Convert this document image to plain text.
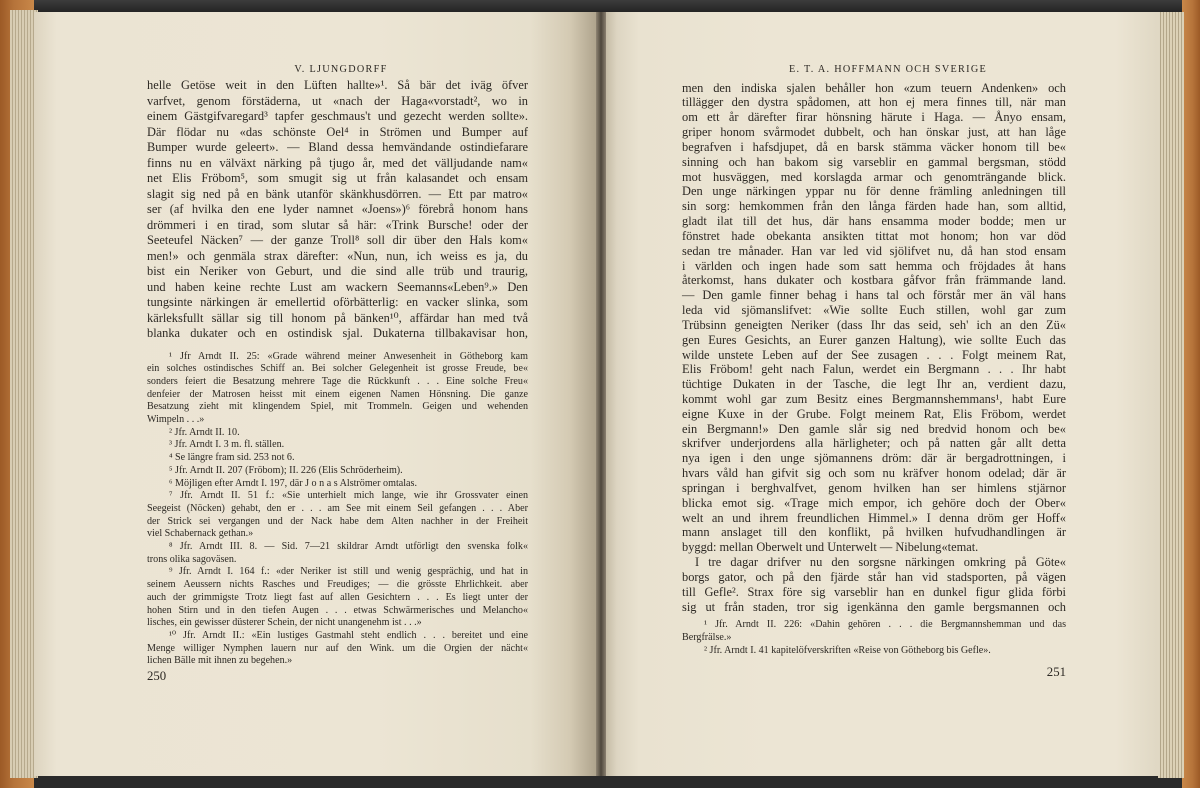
V. LJUNGDORFF
helle Getöse weit in den Lüften hallte»¹. Så bär det iväg öfver
varfvet, genom förstäderna, ut «nach der Haga«vorstadt², wo in
einem Gästgifvaregard³ tapfer geschmaus't und gezecht werden sollte».
Där flödar nu «das schönste Oel⁴ in Strömen und Bumper auf
Bumper wurde geleert». — Bland dessa hemvändande ostindiefarare
finns nu en välväxt närking på tjugo år, med det välljudande nam«
net Elis Fröbom⁵, som smugit sig ut från kalasandet och ensam
slagit sig ned på en bänk utanför skänkhusdörren. — Ett par matro«
ser (af hvilka den ene lyder namnet «Joens»)⁶ förebrå honom hans
drömmeri i en tirad, som slutar så här: «Trink Bursche! oder der
Seeteufel Näcken⁷ — der ganze Troll⁸ soll dir über den Hals kom«
men!» och genmäla strax därefter: «Nun, nun, ich weiss es ja, du
bist ein Neriker von Geburt, und die sind alle trüb und traurig,
und haben keine rechte Lust am wackern Seemanns«Leben⁹.» Den
tungsinte närkingen är emellertid oförbätterlig: en vacker slinka, som
kärleksfullt sällar sig till honom på bänken¹⁰, affärdar han med två
blanka dukater och en ostindisk sjal. Dukaterna tillbakavisar hon,
¹ Jfr Arndt II. 25: «Grade während meiner Anwesenheit in Götheborg kam
ein solches ostindisches Schiff an. Bei solcher Gelegenheit ist grosse Freude, be«
sonders feiert die Besatzung mehrere Tage die Rückkunft . . . Eine solche Freu«
denfeier der Matrosen heisst mit einem eigenen Namen Hönsning. Die ganze
Besatzung zieht mit klingendem Spiel, mit Trommeln. Geigen und wehenden
Wimpeln . . .»
² Jfr. Arndt II. 10.
³ Jfr. Arndt I. 3 m. fl. ställen.
⁴ Se längre fram sid. 253 not 6.
⁵ Jfr. Arndt II. 207 (Fröbom); II. 226 (Elis Schröderheim).
⁶ Möjligen efter Arndt I. 197, där J o n a s Alströmer omtalas.
⁷ Jfr. Arndt II. 51 f.: «Sie unterhielt mich lange, wie ihr Grossvater einen
Seegeist (Nöcken) gehabt, den er . . . am See mit einem Seil gefangen . . . Aber
der Strick sei vergangen und der Nack habe dem Alten nachher in der Freiheit
viel Schabernack gethan.»
⁸ Jfr. Arndt III. 8. — Sid. 7—21 skildrar Arndt utförligt den svenska folk«
trons olika sagoväsen.
⁹ Jfr. Arndt I. 164 f.: «der Neriker ist still und wenig gesprächig, und hat in
seinem Aeussern nichts Rasches und Freudiges; — die grösste Ehrlichkeit. aber
auch der grimmigste Trotz liegt fast auf allen Gesichtern . . . Es liegt unter der
hohen Stirn und in den tiefen Augen . . . etwas Schwärmerisches und Melancho«
lisches, ein gewisser düsterer Schein, der nicht unangenehm ist . . .»
¹⁰ Jfr. Arndt II.: «Ein lustiges Gastmahl steht endlich . . . bereitet und eine
Menge williger Nymphen lauern nur auf den Wink. um die Orgien der nächt«
lichen Bälle mit ihnen zu begehen.»
250
E. T. A. HOFFMANN OCH SVERIGE
men den indiska sjalen behåller hon «zum teuern Andenken» och
tillägger den dystra spådomen, att hon ej mera finnes till, när man
om ett år därefter firar hönsning härute i Haga. — Ånyo ensam,
griper honom svårmodet dubbelt, och han önskar just, att han låge
begrafven i hafsdjupet, då en barsk stämma väcker honom till be«
sinning och han bakom sig varseblir en gammal bergsman, stödd
mot husväggen, med korslagda armar och genomträngande blick.
Den unge närkingen yppar nu för denne främling anledningen till
sin sorg: hemkommen från den långa färden hade han, som alltid,
gladt ilat till det hus, där hans ensamma moder bodde; men ur
fönstret hade obekanta ansikten tittat mot honom; hon var död
sedan tre månader. Han var led vid sjölifvet nu, då han stod ensam
i världen och ingen hade som satt hemma och fröjdades åt hans
återkomst, hans dukater och kostbara gåfvor från främmande land.
— Den gamle finner behag i hans tal och förstår mer än väl hans
leda vid sjömanslifvet: «Wie sollte Euch stillen, wohl gar zum
Trübsinn geneigten Neriker (dass Ihr das seid, seh' ich an den Zü«
gen Eures Gesichts, an Eurer ganzen Haltung), wie sollte Euch das
wilde unstete Leben auf der See zusagen . . . Folgt meinem Rat,
Elis Fröbom! geht nach Falun, werdet ein Bergmann . . . Ihr habt
tüchtige Dukaten in der Tasche, die legt Ihr an, verdient dazu,
kommt wohl gar zum Besitz eines Bergmannshemmans¹, habt Eure
eigne Kuxe in der Grube. Folgt meinem Rat, Elis Fröbom, werdet
ein Bergmann!» Den gamle slår sig ned bredvid honom och be«
skrifver underjordens alla härligheter; och på natten går allt detta
nya igen i den unge sjömannens dröm: där är bergadrottningen, i
hvars våld han gifvit sig och som nu kräfver honom odelad; där är
springan i berghvalfvet, genom hvilken han ser himlens stjärnor
blicka emot sig. «Trage mich empor, ich gehöre doch der Ober«
welt an und ihrem freundlichen Himmel.» I denna dröm ger Hoff«
mann anslaget till den konflikt, på hvilken hufvudhandlingen är
byggd: mellan Oberwelt und Unterwelt — Nibelung«temat.
I tre dagar drifver nu den sorgsne närkingen omkring på Göte«
borgs gator, och på den fjärde står han vid stadsporten, på vägen
till Gefle². Strax före sig varseblir han en dunkel figur glida förbi
sig ut från staden, tror sig igenkänna den gamle bergsmannen och
¹ Jfr. Arndt II. 226: «Dahin gehören . . . die Bergmannshemman und das
Bergfrälse.»
² Jfr. Arndt I. 41 kapitelöfverskriften «Reise von Götheborg bis Gefle».
251
